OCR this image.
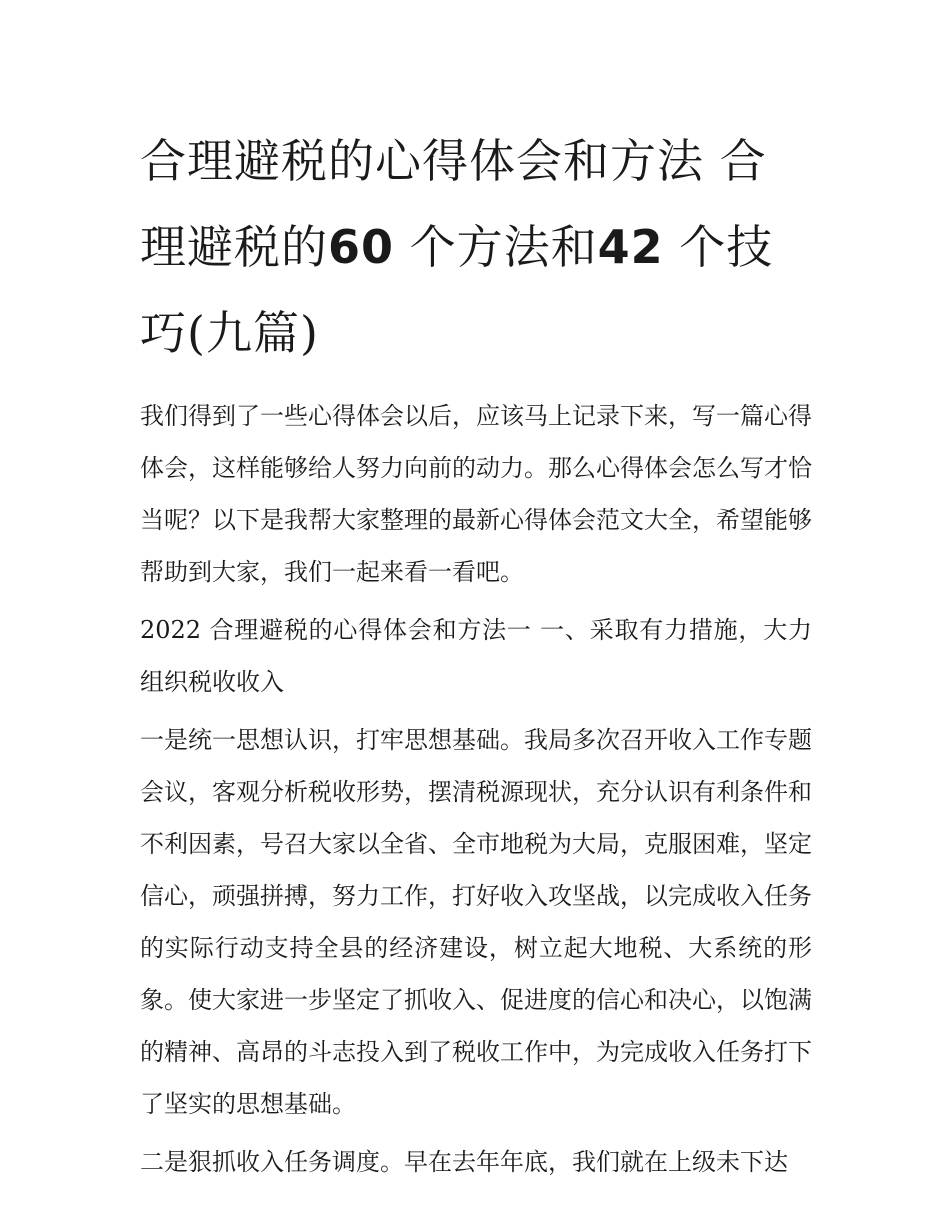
合理避税的心得体会和方法 合理避税的60 个方法和42 个技巧(九篇)

我们得到了一些心得体会以后，应该马上记录下来，写一篇心得体会，这样能够给人努力向前的动力。那么心得体会怎么写才恰当呢？以下是我帮大家整理的最新心得体会范文大全，希望能够帮助到大家，我们一起来看一看吧。

2022 合理避税的心得体会和方法一 一、采取有力措施，大力组织税收收入

一是统一思想认识，打牢思想基础。我局多次召开收入工作专题会议，客观分析税收形势，摆清税源现状，充分认识有利条件和不利因素，号召大家以全省、全市地税为大局，克服困难，坚定信心，顽强拼搏，努力工作，打好收入攻坚战，以完成收入任务的实际行动支持全县的经济建设，树立起大地税、大系统的形象。使大家进一步坚定了抓收入、促进度的信心和决心，以饱满的精神、高昂的斗志投入到了税收工作中，为完成收入任务打下了坚实的思想基础。

二是狠抓收入任务调度。早在去年年底，我们就在上级未下达
